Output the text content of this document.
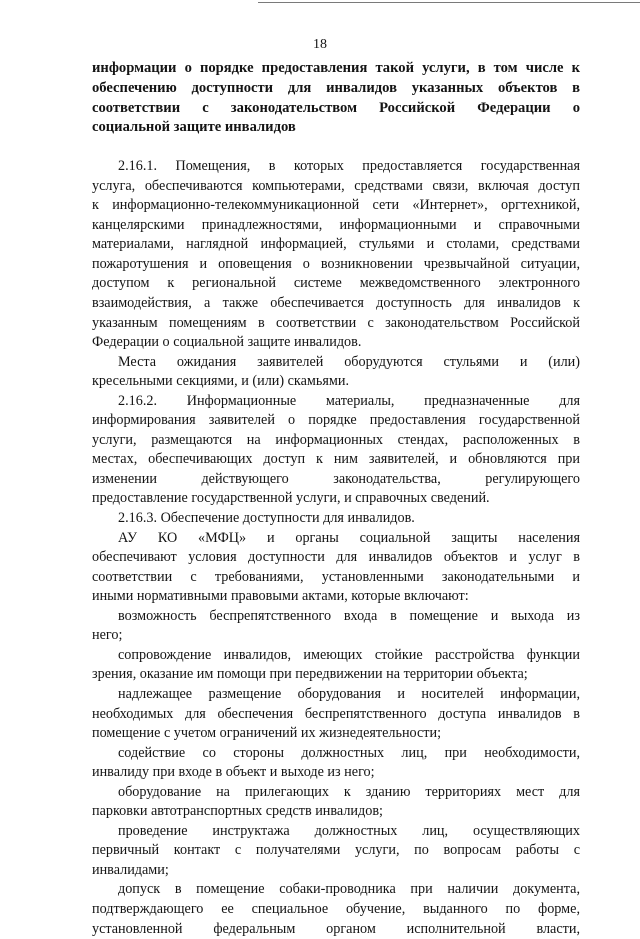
18
информации о порядке предоставления такой услуги, в том числе к
обеспечению доступности для инвалидов указанных объектов в
соответствии с законодательством Российской Федерации о
социальной защите инвалидов
2.16.1. Помещения, в которых предоставляется государственная
услуга, обеспечиваются компьютерами, средствами связи, включая доступ
к информационно-телекоммуникационной сети «Интернет», оргтехникой,
канцелярскими принадлежностями, информационными и справочными
материалами, наглядной информацией, стульями и столами, средствами
пожаротушения и оповещения о возникновении чрезвычайной ситуации,
доступом к региональной системе межведомственного электронного
взаимодействия, а также обеспечивается доступность для инвалидов к
указанным помещениям в соответствии с законодательством Российской
Федерации о социальной защите инвалидов.
Места ожидания заявителей оборудуются стульями и (или)
кресельными секциями, и (или) скамьями.
2.16.2. Информационные материалы, предназначенные для
информирования заявителей о порядке предоставления государственной
услуги, размещаются на информационных стендах, расположенных в
местах, обеспечивающих доступ к ним заявителей, и обновляются при
изменении действующего законодательства, регулирующего
предоставление государственной услуги, и справочных сведений.
2.16.3. Обеспечение доступности для инвалидов.
АУ КО «МФЦ» и органы социальной защиты населения
обеспечивают условия доступности для инвалидов объектов и услуг в
соответствии с требованиями, установленными законодательными и
иными нормативными правовыми актами, которые включают:
возможность беспрепятственного входа в помещение и выхода из
него;
сопровождение инвалидов, имеющих стойкие расстройства функции
зрения, оказание им помощи при передвижении на территории объекта;
надлежащее размещение оборудования и носителей информации,
необходимых для обеспечения беспрепятственного доступа инвалидов в
помещение с учетом ограничений их жизнедеятельности;
содействие со стороны должностных лиц, при необходимости,
инвалиду при входе в объект и выходе из него;
оборудование на прилегающих к зданию территориях мест для
парковки автотранспортных средств инвалидов;
проведение инструктажа должностных лиц, осуществляющих
первичный контакт с получателями услуги, по вопросам работы с
инвалидами;
допуск в помещение собаки-проводника при наличии документа,
подтверждающего ее специальное обучение, выданного по форме,
установленной федеральным органом исполнительной власти,
